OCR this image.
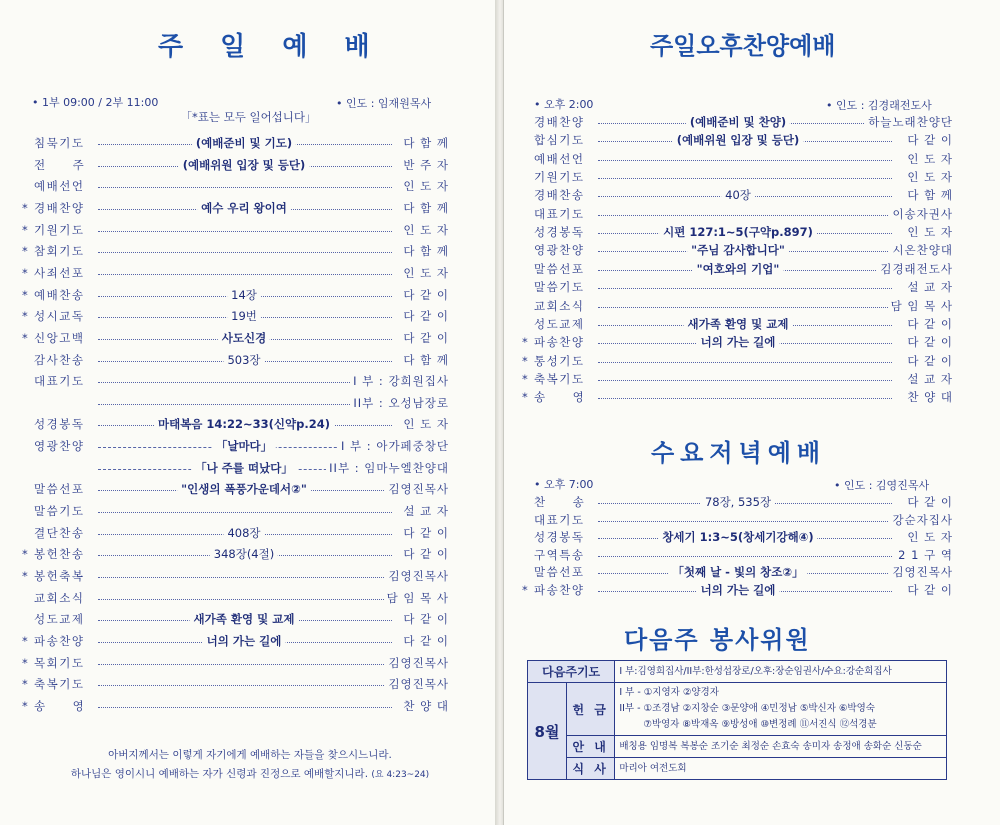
주 일 예 배
• 1부 09:00 / 2부 11:00	• 인도 : 임재원목사
「*표는 모두 일어섭니다」
침묵기도	(예배준비 및 기도)	다 함 께
전　　주	(예배위원 입장 및 등단)	반 주 자
예배선언	인 도 자
* 경배찬양	예수 우리 왕이여	다 함 께
* 기원기도	인 도 자
* 참회기도	다 함 께
* 사죄선포	인 도 자
* 예배찬송	14장	다 같 이
* 성시교독	19번	다 같 이
* 신앙고백	사도신경	다 같 이
감사찬송	503장	다 함 께
대표기도	I 부 : 강희원집사
II부 : 오성남장로
성경봉독	마태복음 14:22~33(신약p.24)	인 도 자
영광찬양	「날마다」	I 부 : 아가페중창단
「나 주를 떠났다」	II부 : 임마누엘찬양대
말씀선포	"인생의 폭풍가운데서②"	김영진목사
말씀기도	설 교 자
결단찬송	408장	다 같 이
* 봉헌찬송	348장(4절)	다 같 이
* 봉헌축복	김영진목사
교회소식	담 임 목 사
성도교제	새가족 환영 및 교제	다 같 이
* 파송찬양	너의 가는 길에	다 같 이
* 목회기도	김영진목사
* 축복기도	김영진목사
* 송　　영	찬 양 대
아버지께서는 이렇게 자기에게 예배하는 자들을 찾으시느니라.
하나님은 영이시니 예배하는 자가 신령과 진정으로 예배할지니라. (요 4:23~24)
주일오후찬양예배
• 오후 2:00	• 인도 : 김경래전도사
경배찬양	(예배준비 및 찬양)	하늘노래찬양단
합심기도	(예배위원 입장 및 등단)	다 같 이
예배선언	인 도 자
기원기도	인 도 자
경배찬송	40장	다 함 께
대표기도	이송자권사
성경봉독	시편 127:1~5(구약p.897)	인 도 자
영광찬양	"주님 감사합니다"	시온찬양대
말씀선포	"여호와의 기업"	김경래전도사
말씀기도	설 교 자
교회소식	담 임 목 사
성도교제	새가족 환영 및 교제	다 같 이
* 파송찬양	너의 가는 길에	다 같 이
* 통성기도	다 같 이
* 축복기도	설 교 자
* 송　　영	찬 양 대
수요저녁예배
• 오후 7:00	• 인도 : 김영진목사
찬　　송	78장, 535장	다 같 이
대표기도	강순자집사
성경봉독	창세기 1:3~5(창세기강해④)	인 도 자
구역특송	2 1 구 역
말씀선포	「첫째 날 - 빛의 창조②」	김영진목사
* 파송찬양	너의 가는 길에	다 같 이
다음주 봉사위원
다음주기도		I 부:김영희집사/II부:한성섭장로/오후:장순임권사/수요:강순희집사
8월	헌 금	I 부 - ①지영자 ②양경자
II부 - ①조경남 ②지창순 ③문양애 ④민정남 ⑤박신자 ⑥박영숙
⑦박영자 ⑧박재옥 ⑨방성애 ⑩변정례 ⑪서진식 ⑫석경분

	안 내	배칭용 임명복 복봉순 조기순 최정순 손효숙 송미자 송정애 송화순 신동순
	식 사	마리아 여전도회
